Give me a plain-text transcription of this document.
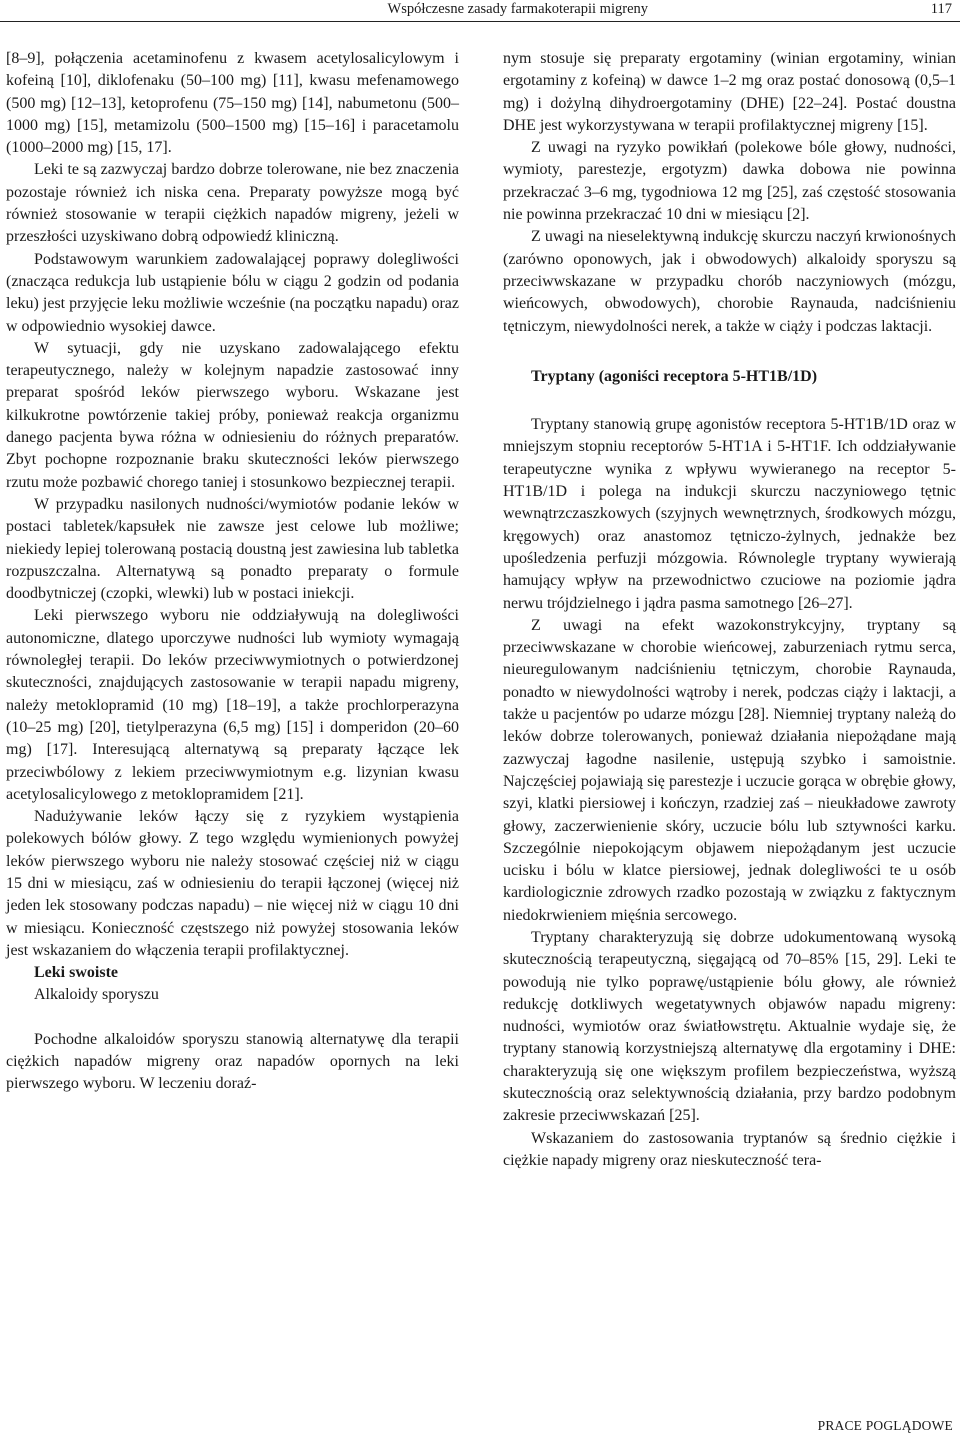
Współczesne zasady farmakoterapii migreny	117

[8–9], połączenia acetaminofenu z kwasem acetylosalicylowym i kofeiną [10], diklofenaku (50–100 mg) [11], kwasu mefenamowego (500 mg) [12–13], ketoprofenu (75–150 mg) [14], nabumetonu (500–1000 mg) [15], metamizolu (500–1500 mg) [15–16] i paracetamolu (1000–2000 mg) [15, 17].

Leki te są zazwyczaj bardzo dobrze tolerowane, nie bez znaczenia pozostaje również ich niska cena. Preparaty powyższe mogą być również stosowanie w terapii ciężkich napadów migreny, jeżeli w przeszłości uzyskiwano dobrą odpowiedź kliniczną.

Podstawowym warunkiem zadowalającej poprawy dolegliwości (znacząca redukcja lub ustąpienie bólu w ciągu 2 godzin od podania leku) jest przyjęcie leku możliwie wcześnie (na początku napadu) oraz w odpowiednio wysokiej dawce.

W sytuacji, gdy nie uzyskano zadowalającego efektu terapeutycznego, należy w kolejnym napadzie zastosować inny preparat spośród leków pierwszego wyboru. Wskazane jest kilkukrotne powtórzenie takiej próby, ponieważ reakcja organizmu danego pacjenta bywa różna w odniesieniu do różnych preparatów. Zbyt pochopne rozpoznanie braku skuteczności leków pierwszego rzutu może pozbawić chorego taniej i stosunkowo bezpiecznej terapii.

W przypadku nasilonych nudności/wymiotów podanie leków w postaci tabletek/kapsułek nie zawsze jest celowe lub możliwe; niekiedy lepiej tolerowaną postacią doustną jest zawiesina lub tabletka rozpuszczalna. Alternatywą są ponadto preparaty o formule doodbytniczej (czopki, wlewki) lub w postaci iniekcji.

Leki pierwszego wyboru nie oddziaływują na dolegliwości autonomiczne, dlatego uporczywe nudności lub wymioty wymagają równoległej terapii. Do leków przeciwwymiotnych o potwierdzonej skuteczności, znajdujących zastosowanie w terapii napadu migreny, należy metoklopramid (10 mg) [18–19], a także prochlorperazyna (10–25 mg) [20], tietylperazyna (6,5 mg) [15] i domperidon (20–60 mg) [17]. Interesującą alternatywą są preparaty łączące lek przeciwbólowy z lekiem przeciwwymiotnym e.g. lizynian kwasu acetylosalicylowego z metoklopramidem [21].

Nadużywanie leków łączy się z ryzykiem wystąpienia polekowych bólów głowy. Z tego względu wymienionych powyżej leków pierwszego wyboru nie należy stosować częściej niż w ciągu 15 dni w miesiącu, zaś w odniesieniu do terapii łączonej (więcej niż jeden lek stosowany podczas napadu) – nie więcej niż w ciągu 10 dni w miesiącu. Konieczność częstszego niż powyżej stosowania leków jest wskazaniem do włączenia terapii profilaktycznej.

Leki swoiste

Alkaloidy sporyszu

Pochodne alkaloidów sporyszu stanowią alternatywę dla terapii ciężkich napadów migreny oraz napadów opornych na leki pierwszego wyboru. W leczeniu doraź-

nym stosuje się preparaty ergotaminy (winian ergotaminy, winian ergotaminy z kofeiną) w dawce 1–2 mg oraz postać donosową (0,5–1 mg) i dożylną dihydroergotaminy (DHE) [22–24]. Postać doustna DHE jest wykorzystywana w terapii profilaktycznej migreny [15].

Z uwagi na ryzyko powikłań (polekowe bóle głowy, nudności, wymioty, parestezje, ergotyzm) dawka dobowa nie powinna przekraczać 3–6 mg, tygodniowa 12 mg [25], zaś częstość stosowania nie powinna przekraczać 10 dni w miesiącu [2].

Z uwagi na nieselektywną indukcję skurczu naczyń krwionośnych (zarówno oponowych, jak i obwodowych) alkaloidy sporyszu są przeciwwskazane w przypadku chorób naczyniowych (mózgu, wieńcowych, obwodowych), chorobie Raynauda, nadciśnieniu tętniczym, niewydolności nerek, a także w ciąży i podczas laktacji.

Tryptany (agoniści receptora 5-HT1B/1D)

Tryptany stanowią grupę agonistów receptora 5-HT1B/1D oraz w mniejszym stopniu receptorów 5-HT1A i 5-HT1F. Ich oddziaływanie terapeutyczne wynika z wpływu wywieranego na receptor 5-HT1B/1D i polega na indukcji skurczu naczyniowego tętnic wewnątrzczaszkowych (szyjnych wewnętrznych, środkowych mózgu, kręgowych) oraz anastomoz tętniczo-żylnych, jednakże bez upośledzenia perfuzji mózgowia. Równolegle tryptany wywierają hamujący wpływ na przewodnictwo czuciowe na poziomie jądra nerwu trójdzielnego i jądra pasma samotnego [26–27].

Z uwagi na efekt wazokonstrykcyjny, tryptany są przeciwwskazane w chorobie wieńcowej, zaburzeniach rytmu serca, nieuregulowanym nadciśnieniu tętniczym, chorobie Raynauda, ponadto w niewydolności wątroby i nerek, podczas ciąży i laktacji, a także u pacjentów po udarze mózgu [28]. Niemniej tryptany należą do leków dobrze tolerowanych, ponieważ działania niepożądane mają zazwyczaj łagodne nasilenie, ustępują szybko i samoistnie. Najczęściej pojawiają się parestezje i uczucie gorąca w obrębie głowy, szyi, klatki piersiowej i kończyn, rzadziej zaś – nieukładowe zawroty głowy, zaczerwienienie skóry, uczucie bólu lub sztywności karku. Szczególnie niepokojącym objawem niepożądanym jest uczucie ucisku i bólu w klatce piersiowej, jednak dolegliwości te u osób kardiologicznie zdrowych rzadko pozostają w związku z faktycznym niedokrwieniem mięśnia sercowego.

Tryptany charakteryzują się dobrze udokumentowaną wysoką skutecznością terapeutyczną, sięgającą od 70–85% [15, 29]. Leki te powodują nie tylko poprawę/ustąpienie bólu głowy, ale również redukcję dotkliwych wegetatywnych objawów napadu migreny: nudności, wymiotów oraz światłowstrętu. Aktualnie wydaje się, że tryptany stanowią korzystniejszą alternatywę dla ergotaminy i DHE: charakteryzują się one większym profilem bezpieczeństwa, wyższą skutecznością oraz selektywnością działania, przy bardzo podobnym zakresie przeciwwskazań [25].

Wskazaniem do zastosowania tryptanów są średnio ciężkie i ciężkie napady migreny oraz nieskuteczność tera-

PRACE POGLĄDOWE
